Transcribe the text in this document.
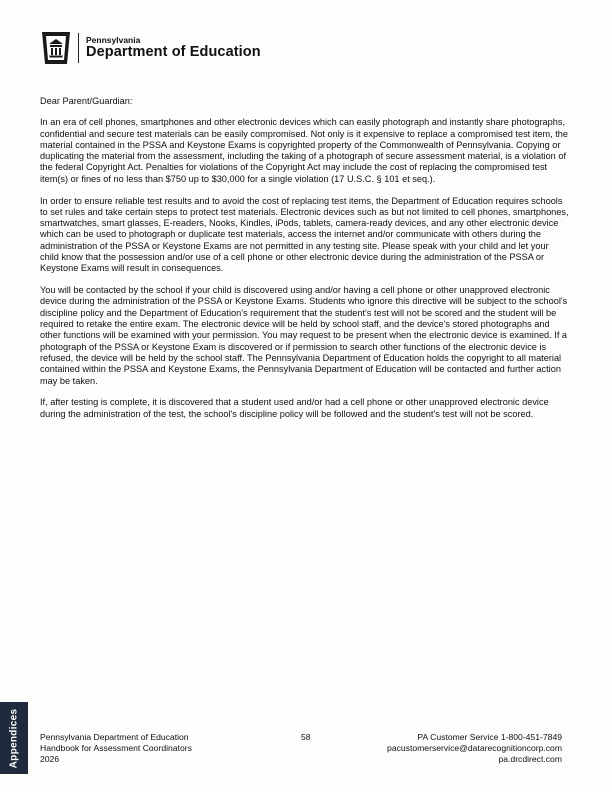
Pennsylvania
Department of Education

Dear Parent/Guardian:

In an era of cell phones, smartphones and other electronic devices which can easily photograph and instantly share photographs, confidential and secure test materials can be easily compromised. Not only is it expensive to replace a compromised test item, the material contained in the PSSA and Keystone Exams is copyrighted property of the Commonwealth of Pennsylvania. Copying or duplicating the material from the assessment, including the taking of a photograph of secure assessment material, is a violation of the federal Copyright Act. Penalties for violations of the Copyright Act may include the cost of replacing the compromised test item(s) or fines of no less than $750 up to $30,000 for a single violation (17 U.S.C. § 101 et seq.).

In order to ensure reliable test results and to avoid the cost of replacing test items, the Department of Education requires schools to set rules and take certain steps to protect test materials. Electronic devices such as but not limited to cell phones, smartphones, smartwatches, smart glasses, E-readers, Nooks, Kindles, iPods, tablets, camera-ready devices, and any other electronic device which can be used to photograph or duplicate test materials, access the internet and/or communicate with others during the administration of the PSSA or Keystone Exams are not permitted in any testing site. Please speak with your child and let your child know that the possession and/or use of a cell phone or other electronic device during the administration of the PSSA or Keystone Exams will result in consequences.

You will be contacted by the school if your child is discovered using and/or having a cell phone or other unapproved electronic device during the administration of the PSSA or Keystone Exams. Students who ignore this directive will be subject to the school's discipline policy and the Department of Education's requirement that the student's test will not be scored and the student will be required to retake the entire exam. The electronic device will be held by school staff, and the device's stored photographs and other functions will be examined with your permission. You may request to be present when the electronic device is examined. If a photograph of the PSSA or Keystone Exam is discovered or if permission to search other functions of the electronic device is refused, the device will be held by the school staff. The Pennsylvania Department of Education holds the copyright to all material contained within the PSSA and Keystone Exams, the Pennsylvania Department of Education will be contacted and further action may be taken.

If, after testing is complete, it is discovered that a student used and/or had a cell phone or other unapproved electronic device during the administration of the test, the school's discipline policy will be followed and the student's test will not be scored.

Appendices Pennsylvania Department of Education
Handbook for Assessment Coordinators
2026
58	PA Customer Service 1-800-451-7849
pacustomerservice@datarecognitioncorp.com
pa.drcdirect.com
